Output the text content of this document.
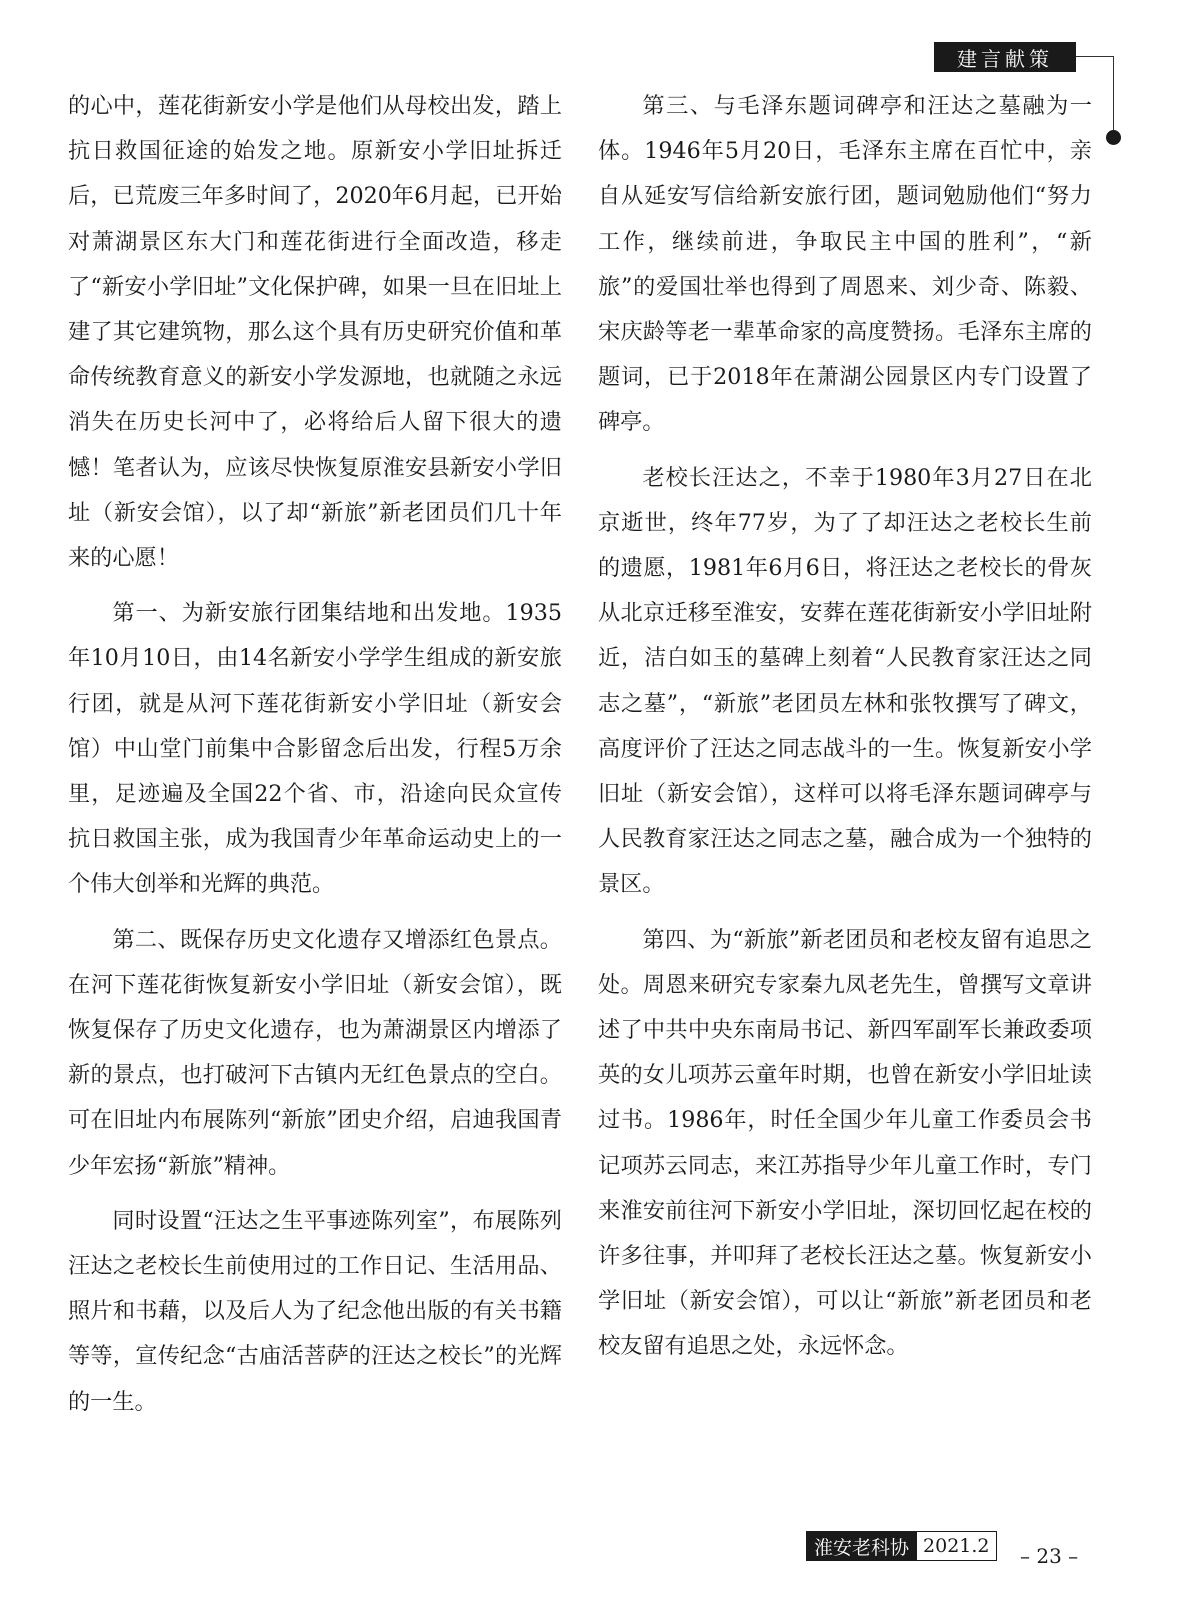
建言献策

的心中，莲花街新安小学是他们从母校出发，踏上抗日救国征途的始发之地。原新安小学旧址拆迁后，已荒废三年多时间了，2020年6月起，已开始对萧湖景区东大门和莲花街进行全面改造，移走了“新安小学旧址”文化保护碑，如果一旦在旧址上建了其它建筑物，那么这个具有历史研究价值和革命传统教育意义的新安小学发源地，也就随之永远消失在历史长河中了，必将给后人留下很大的遗憾！笔者认为，应该尽快恢复原淮安县新安小学旧址（新安会馆），以了却“新旅”新老团员们几十年来的心愿！

第一、为新安旅行团集结地和出发地。1935年10月10日，由14名新安小学学生组成的新安旅行团，就是从河下莲花街新安小学旧址（新安会馆）中山堂门前集中合影留念后出发，行程5万余里，足迹遍及全国22个省、市，沿途向民众宣传抗日救国主张，成为我国青少年革命运动史上的一个伟大创举和光辉的典范。

第二、既保存历史文化遗存又增添红色景点。在河下莲花街恢复新安小学旧址（新安会馆），既恢复保存了历史文化遗存，也为萧湖景区内增添了新的景点，也打破河下古镇内无红色景点的空白。可在旧址内布展陈列“新旅”团史介绍，启迪我国青少年宏扬“新旅”精神。

同时设置“汪达之生平事迹陈列室”，布展陈列汪达之老校长生前使用过的工作日记、生活用品、照片和书藉，以及后人为了纪念他出版的有关书籍等等，宣传纪念“古庙活菩萨的汪达之校长”的光辉的一生。

第三、与毛泽东题词碑亭和汪达之墓融为一体。1946年5月20日，毛泽东主席在百忙中，亲自从延安写信给新安旅行团，题词勉励他们“努力工作，继续前进，争取民主中国的胜利”，“新旅”的爱国壮举也得到了周恩来、刘少奇、陈毅、宋庆龄等老一辈革命家的高度赞扬。毛泽东主席的题词，已于2018年在萧湖公园景区内专门设置了碑亭。

老校长汪达之，不幸于1980年3月27日在北京逝世，终年77岁，为了了却汪达之老校长生前的遗愿，1981年6月6日，将汪达之老校长的骨灰从北京迁移至淮安，安葬在莲花街新安小学旧址附近，洁白如玉的墓碑上刻着“人民教育家汪达之同志之墓”，“新旅”老团员左林和张牧撰写了碑文，高度评价了汪达之同志战斗的一生。恢复新安小学旧址（新安会馆），这样可以将毛泽东题词碑亭与人民教育家汪达之同志之墓，融合成为一个独特的景区。

第四、为“新旅”新老团员和老校友留有追思之处。周恩来研究专家秦九凤老先生，曾撰写文章讲述了中共中央东南局书记、新四军副军长兼政委项英的女儿项苏云童年时期，也曾在新安小学旧址读过书。1986年，时任全国少年儿童工作委员会书记项苏云同志，来江苏指导少年儿童工作时，专门来淮安前往河下新安小学旧址，深切回忆起在校的许多往事，并叩拜了老校长汪达之墓。恢复新安小学旧址（新安会馆），可以让“新旅”新老团员和老校友留有追思之处，永远怀念。

淮安老科协 2021.2	– 23 –
